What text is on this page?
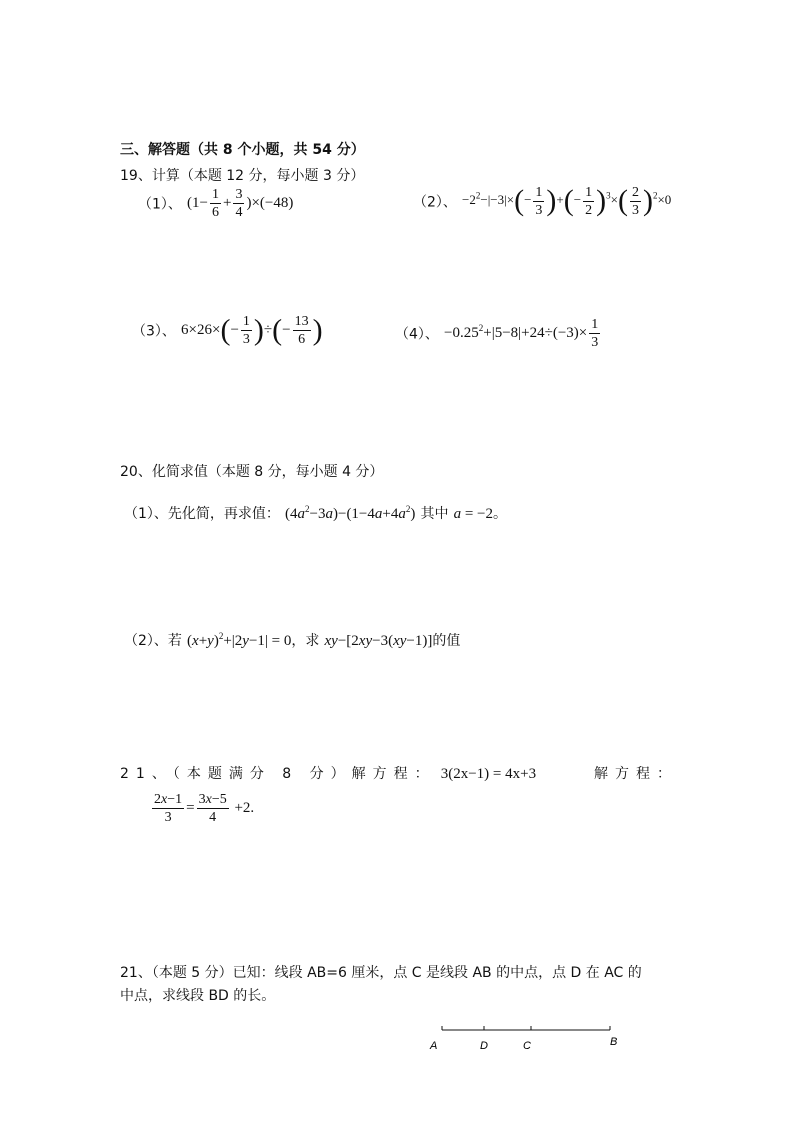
三、解答题（共 8 个小题，共 54 分）
19、计算（本题 12 分，每小题 3 分）
（1）、 $(1- \frac{1}{6} + \frac{3}{4} )\times(-48)$	（2）、 $-2^2-|-3|\times(- \frac{1}{3}$ )+(− $\frac{1}{2} )^3\times( \frac{2}{3} )^2\times 0$
（3）、 $6\times 26\times(- \frac{1}{3}$ )÷(− $\frac{13}{6}$ )	（4）、 $-0.25^2+|5-8|+24\div(-3)\times \frac{1}{3}$
20、化简求值（本题 8 分，每小题 4 分）
（1）、先化简，再求值： $(4a^2-3a)-(1-4a+4a^2)$ 其中 a = −2。
（2）、若 $(x+y)^2+|2y-1| = 0$，求 xy−[2xy−3(xy−1)]的值
21、（本题满分 8 分）解方程： 3(2x−1) = 4x+3	解方程：
$\frac{2x-1}{3} = \frac{3x-5}{4} +2$.
21、（本题 5 分）已知：线段 AB=6 厘米，点 C 是线段 AB 的中点，点 D 在 AC 的
中点，求线段 BD 的长。
A	D	C	B
